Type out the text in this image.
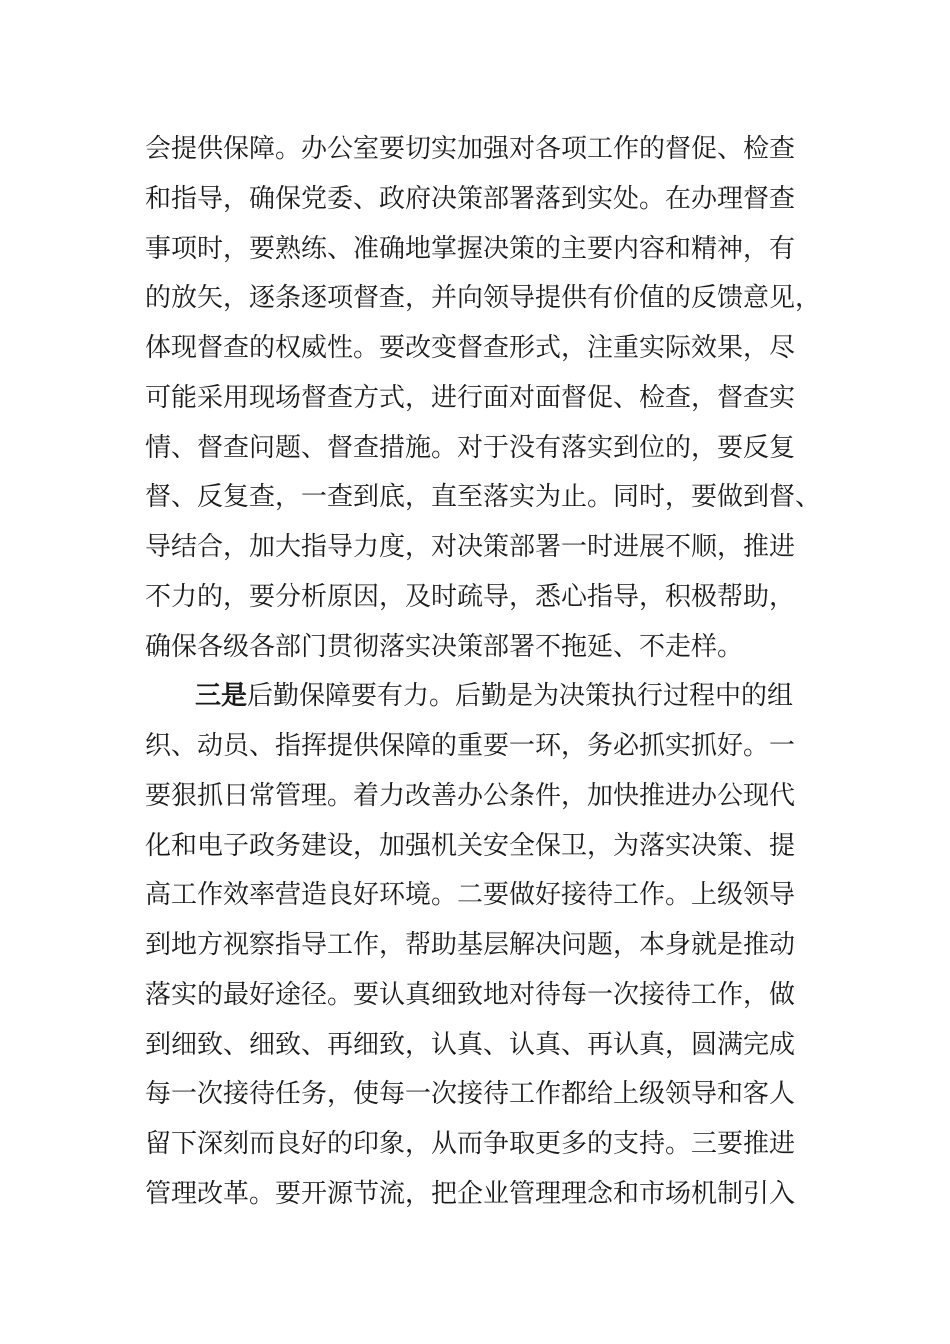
会提供保障。办公室要切实加强对各项工作的督促、检查
和指导，确保党委、政府决策部署落到实处。在办理督查
事项时，要熟练、准确地掌握决策的主要内容和精神，有
的放矢，逐条逐项督查，并向领导提供有价值的反馈意见，
体现督查的权威性。要改变督查形式，注重实际效果，尽
可能采用现场督查方式，进行面对面督促、检查，督查实
情、督查问题、督查措施。对于没有落实到位的，要反复
督、反复查，一查到底，直至落实为止。同时，要做到督、
导结合，加大指导力度，对决策部署一时进展不顺，推进
不力的，要分析原因，及时疏导，悉心指导，积极帮助，
确保各级各部门贯彻落实决策部署不拖延、不走样。
三是后勤保障要有力。后勤是为决策执行过程中的组
织、动员、指挥提供保障的重要一环，务必抓实抓好。一
要狠抓日常管理。着力改善办公条件，加快推进办公现代
化和电子政务建设，加强机关安全保卫，为落实决策、提
高工作效率营造良好环境。二要做好接待工作。上级领导
到地方视察指导工作，帮助基层解决问题，本身就是推动
落实的最好途径。要认真细致地对待每一次接待工作，做
到细致、细致、再细致，认真、认真、再认真，圆满完成
每一次接待任务，使每一次接待工作都给上级领导和客人
留下深刻而良好的印象，从而争取更多的支持。三要推进
管理改革。要开源节流，把企业管理理念和市场机制引入
